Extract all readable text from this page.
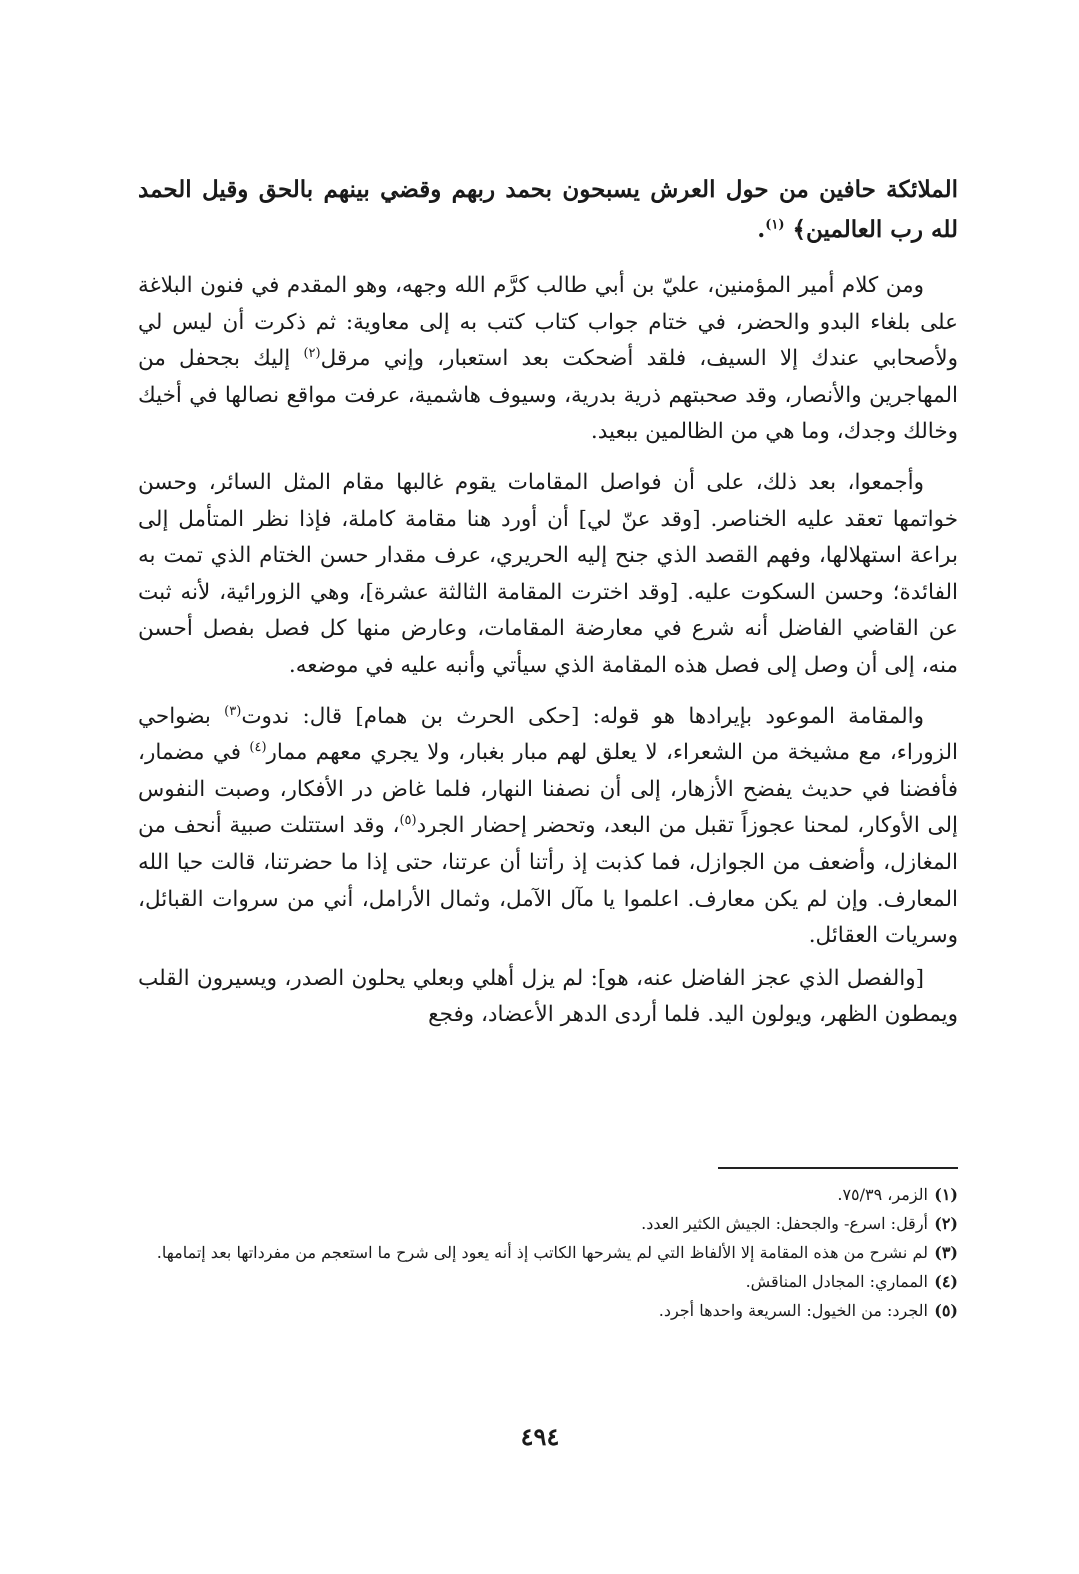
الملائكة حافين من حول العرش يسبحون بحمد ربهم وقضي بينهم بالحق وقيل الحمد لله رب العالمين﴾ $^{(١)}$.

ومن كلام أمير المؤمنين، عليّ بن أبي طالب كرَّم الله وجهه، وهو المقدم في فنون البلاغة على بلغاء البدو والحضر، في ختام جواب كتاب كتب به إلى معاوية: ثم ذكرت أن ليس لي ولأصحابي عندك إلا السيف، فلقد أضحكت بعد استعبار، وإني مرقل$^{(٢)}$ إليك بجحفل من المهاجرين والأنصار، وقد صحبتهم ذرية بدرية، وسيوف هاشمية، عرفت مواقع نصالها في أخيك وخالك وجدك، وما هي من الظالمين ببعيد.

وأجمعوا، بعد ذلك، على أن فواصل المقامات يقوم غالبها مقام المثل السائر، وحسن خواتمها تعقد عليه الخناصر. [وقد عنّ لي] أن أورد هنا مقامة كاملة، فإذا نظر المتأمل إلى براعة استهلالها، وفهم القصد الذي جنح إليه الحريري، عرف مقدار حسن الختام الذي تمت به الفائدة؛ وحسن السكوت عليه. [وقد اخترت المقامة الثالثة عشرة]، وهي الزورائية، لأنه ثبت عن القاضي الفاضل أنه شرع في معارضة المقامات، وعارض منها كل فصل بفصل أحسن منه، إلى أن وصل إلى فصل هذه المقامة الذي سيأتي وأنبه عليه في موضعه.

والمقامة الموعود بإيرادها هو قوله: [حكى الحرث بن همام] قال: ندوت$^{(٣)}$ بضواحي الزوراء، مع مشيخة من الشعراء، لا يعلق لهم مبار بغبار، ولا يجري معهم ممار$^{(٤)}$ في مضمار، فأفضنا في حديث يفضح الأزهار، إلى أن نصفنا النهار، فلما غاض در الأفكار، وصبت النفوس إلى الأوكار، لمحنا عجوزاً تقبل من البعد، وتحضر إحضار الجرد$^{(٥)}$، وقد استتلت صبية أنحف من المغازل، وأضعف من الجوازل، فما كذبت إذ رأتنا أن عرتنا، حتى إذا ما حضرتنا، قالت حيا الله المعارف. وإن لم يكن معارف. اعلموا يا مآل الآمل، وثمال الأرامل، أني من سروات القبائل، وسريات العقائل.

[والفصل الذي عجز الفاضل عنه، هو]: لم يزل أهلي وبعلي يحلون الصدر، ويسيرون القلب ويمطون الظهر، ويولون اليد. فلما أردى الدهر الأعضاد، وفجع

(١)الزمر، ٧٥/٣٩.

(٢)أرقل: اسرع- والجحفل: الجيش الكثير العدد.

(٣)لم نشرح من هذه المقامة إلا الألفاظ التي لم يشرحها الكاتب إذ أنه يعود إلى شرح ما استعجم من مفرداتها بعد إتمامها.

(٤)المماري: المجادل المناقش.

(٥)الجرد: من الخيول: السريعة واحدها أجرد.

٤٩٤
